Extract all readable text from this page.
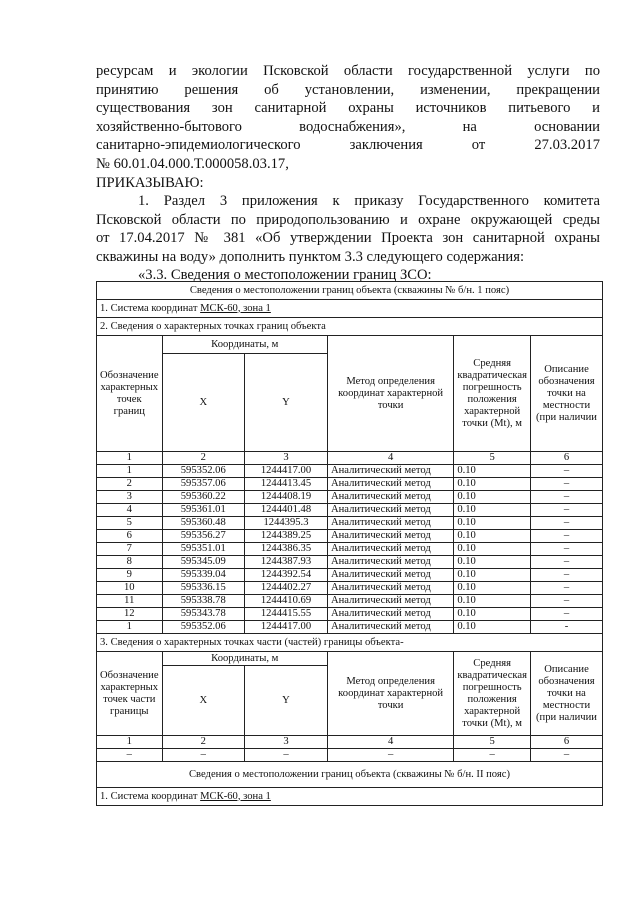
ресурсам и экологии Псковской области государственной услуги по
принятию решения об установлении, изменении, прекращении
существования зон санитарной охраны источников питьевого и
хозяйственно-бытового водоснабжения», на основании
санитарно-эпидемиологического заключения от 27.03.2017
№ 60.01.04.000.Т.000058.03.17,
ПРИКАЗЫВАЮ:
1. Раздел 3 приложения к приказу Государственного комитета
Псковской области по природопользованию и охране окружающей среды
от 17.04.2017 № 381 «Об утверждении Проекта зон санитарной охраны
скважины на воду» дополнить пунктом 3.3 следующего содержания:
«3.3. Сведения о местоположении границ ЗСО:
Сведения о местоположении границ объекта (скважины № б/н. 1 пояс)					
1. Система координат МСК-60, зона 1					
2. Сведения о характерных точках границ объекта					
Обозначение характерных точек границ	Координаты, м		Метод определения координат характерной точки	Средняя квадратическая погрешность положения характерной точки (Mt), м	Описание обозначения точки на местности (при наличии
	X	Y			
1	2	3	4	5	6
1	595352.06	1244417.00	Аналитический метод	0.10	–
2	595357.06	1244413.45	Аналитический метод	0.10	–
3	595360.22	1244408.19	Аналитический метод	0.10	–
4	595361.01	1244401.48	Аналитический метод	0.10	–
5	595360.48	1244395.3	Аналитический метод	0.10	–
6	595356.27	1244389.25	Аналитический метод	0.10	–
7	595351.01	1244386.35	Аналитический метод	0.10	–
8	595345.09	1244387.93	Аналитический метод	0.10	–
9	595339.04	1244392.54	Аналитический метод	0.10	–
10	595336.15	1244402.27	Аналитический метод	0.10	–
11	595338.78	1244410.69	Аналитический метод	0.10	–
12	595343.78	1244415.55	Аналитический метод	0.10	–
1	595352.06	1244417.00	Аналитический метод	0.10	-
3. Сведения о характерных точках части (частей) границы объекта-					
Обозначение характерных точек части границы	Координаты, м		Метод определения координат характерной точки	Средняя квадратическая погрешность положения характерной точки (Mt), м	Описание обозначения точки на местности (при наличии
	X	Y			
1	2	3	4	5	6
–	–	–	–	–	–
Сведения о местоположении границ объекта (скважины № б/н. II пояс)					
1. Система координат МСК-60, зона 1					
